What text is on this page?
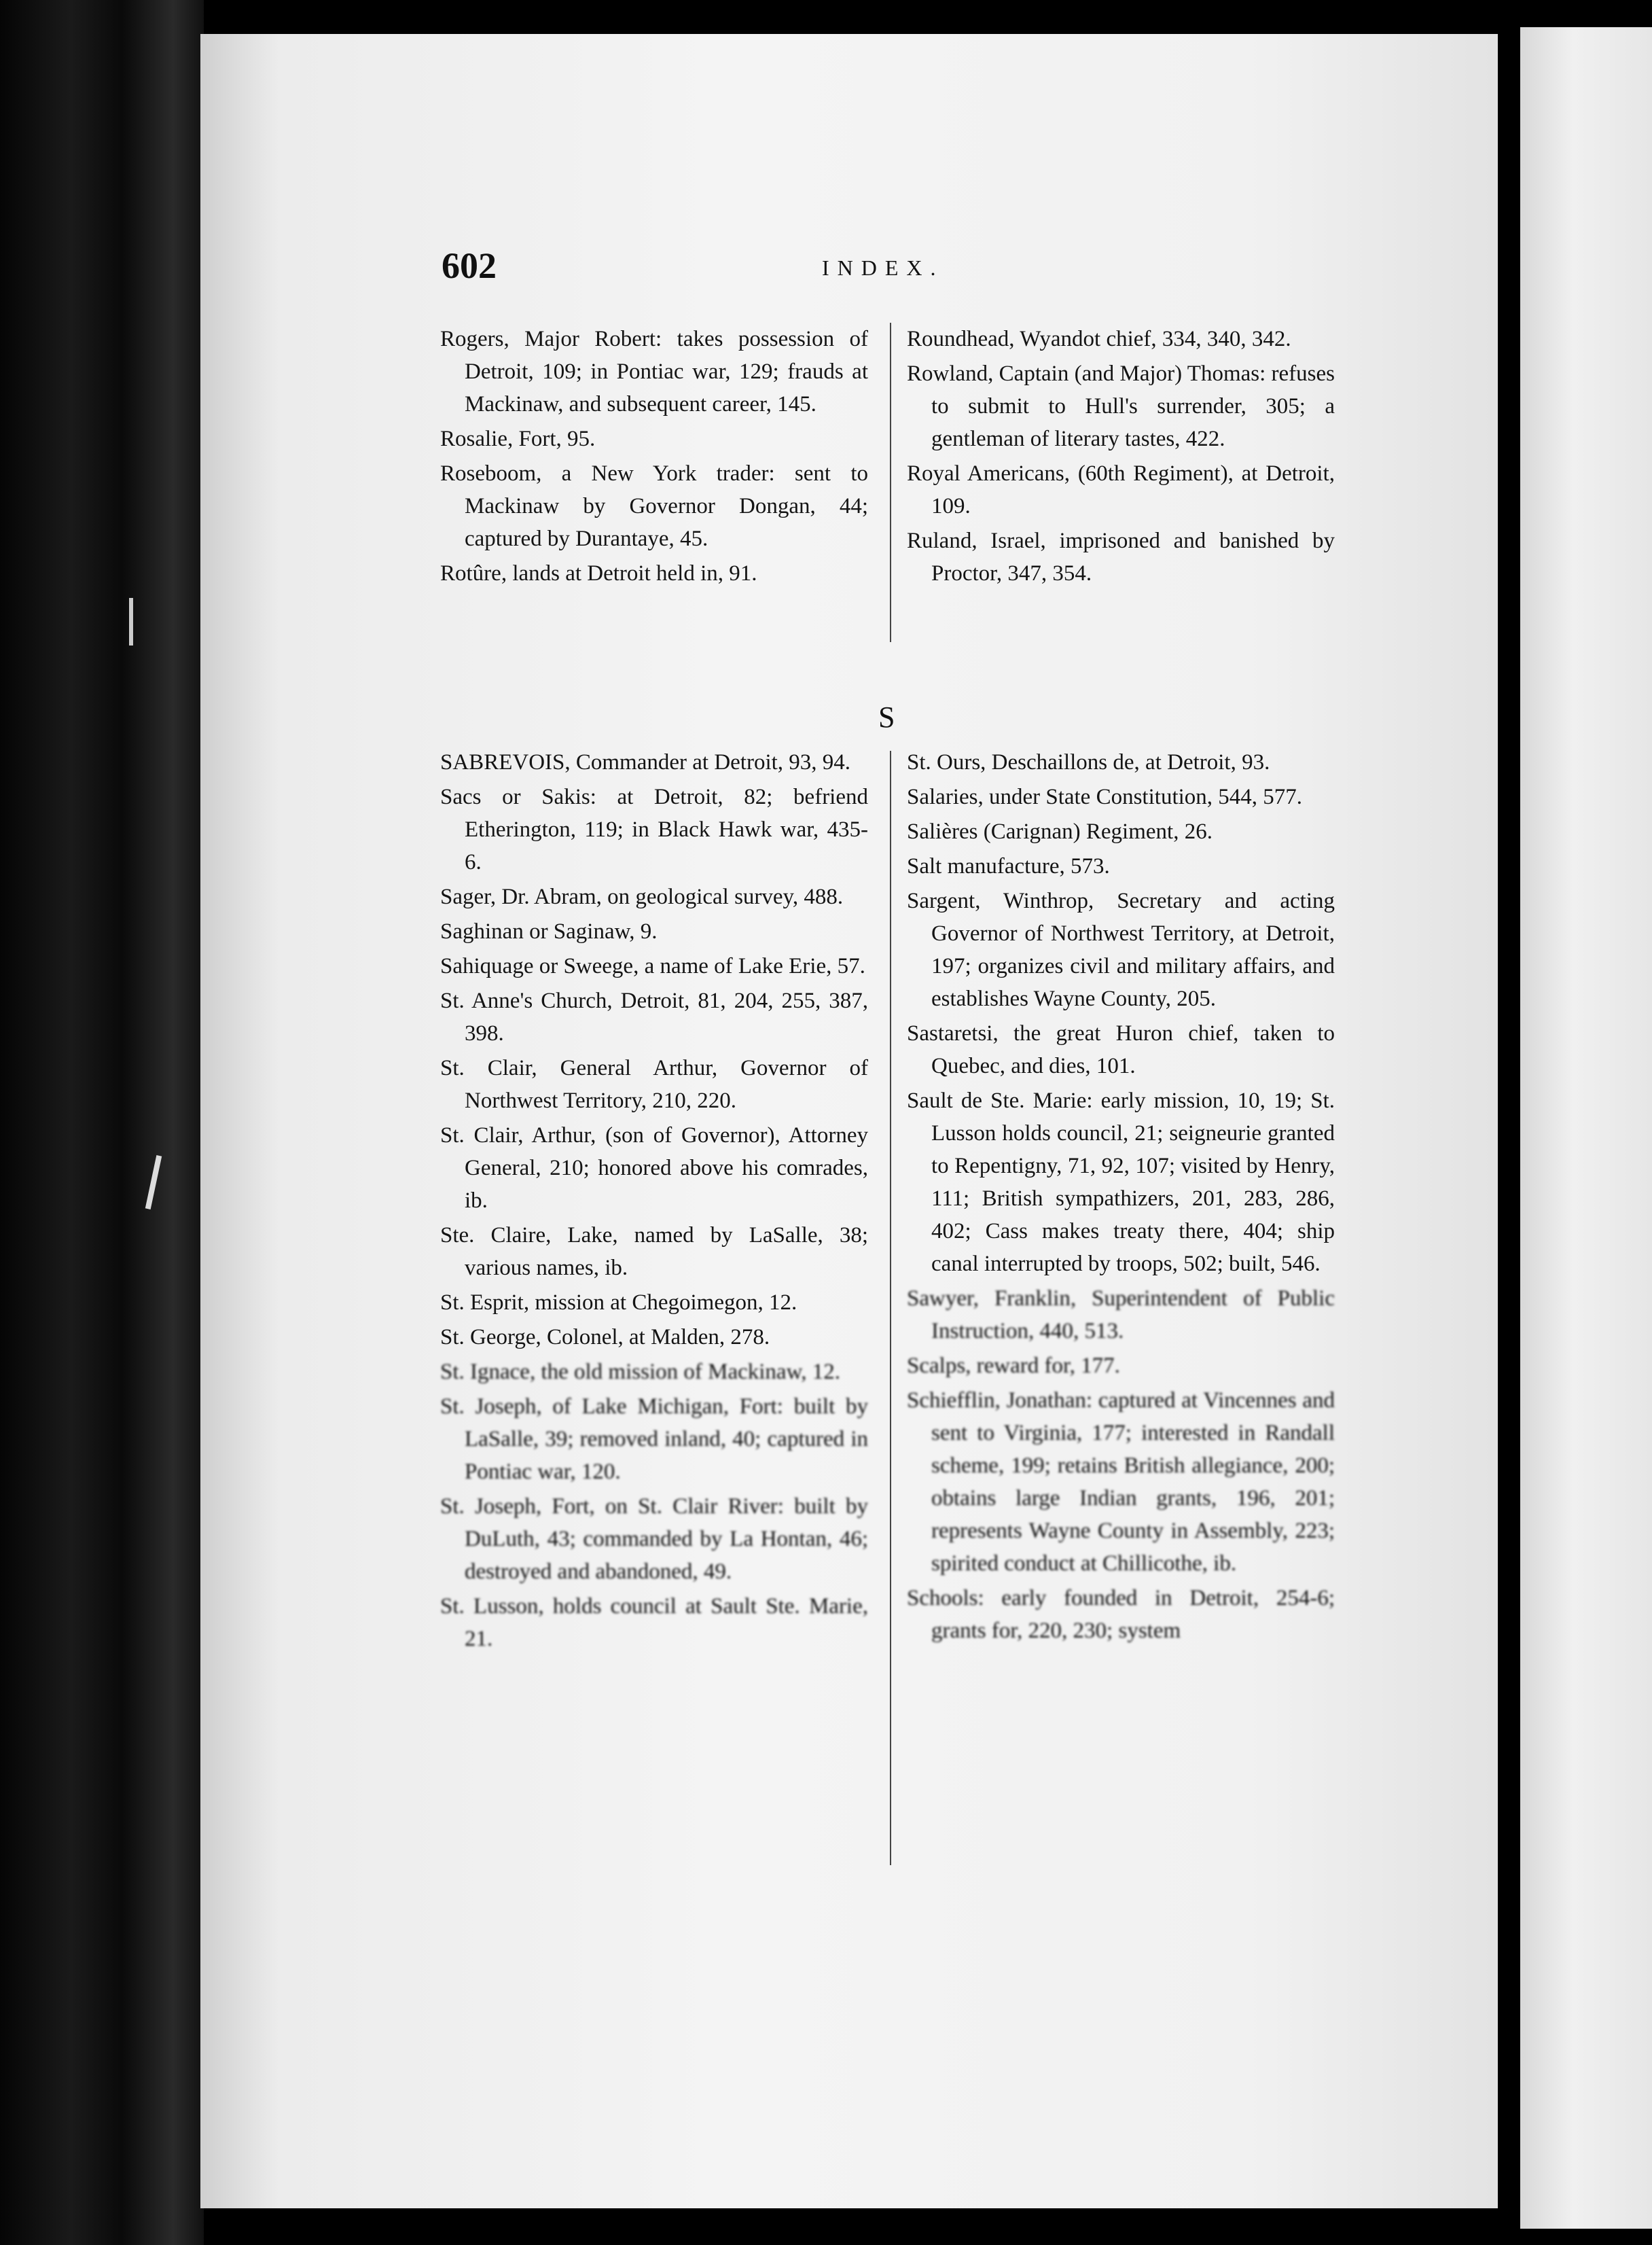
602	INDEX.
Rogers, Major Robert: takes possession of Detroit, 109; in Pontiac war, 129; frauds at Mackinaw, and subsequent career, 145.
Rosalie, Fort, 95.
Roseboom, a New York trader: sent to Mackinaw by Governor Dongan, 44; captured by Durantaye, 45.
Rotûre, lands at Detroit held in, 91.
Roundhead, Wyandot chief, 334, 340, 342.
Rowland, Captain (and Major) Thomas: refuses to submit to Hull's surrender, 305; a gentleman of literary tastes, 422.
Royal Americans, (60th Regiment), at Detroit, 109.
Ruland, Israel, imprisoned and banished by Proctor, 347, 354.
S
SABREVOIS, Commander at Detroit, 93, 94.
Sacs or Sakis: at Detroit, 82; befriend Etherington, 119; in Black Hawk war, 435-6.
Sager, Dr. Abram, on geological survey, 488.
Saghinan or Saginaw, 9.
Sahiquage or Sweege, a name of Lake Erie, 57.
St. Anne's Church, Detroit, 81, 204, 255, 387, 398.
St. Clair, General Arthur, Governor of Northwest Territory, 210, 220.
St. Clair, Arthur, (son of Governor), Attorney General, 210; honored above his comrades, ib.
Ste. Claire, Lake, named by LaSalle, 38; various names, ib.
St. Esprit, mission at Chegoimegon, 12.
St. George, Colonel, at Malden, 278.
St. Ignace, the old mission of Mackinaw, 12.
St. Joseph, of Lake Michigan, Fort: built by LaSalle, 39; removed inland, 40; captured in Pontiac war, 120.
St. Joseph, Fort, on St. Clair River: built by DuLuth, 43; commanded by La Hontan, 46; destroyed and abandoned, 49.
St. Lusson, holds council at Sault Ste. Marie, 21.
St. Ours, Deschaillons de, at Detroit, 93.
Salaries, under State Constitution, 544, 577.
Salières (Carignan) Regiment, 26.
Salt manufacture, 573.
Sargent, Winthrop, Secretary and acting Governor of Northwest Territory, at Detroit, 197; organizes civil and military affairs, and establishes Wayne County, 205.
Sastaretsi, the great Huron chief, taken to Quebec, and dies, 101.
Sault de Ste. Marie: early mission, 10, 19; St. Lusson holds council, 21; seigneurie granted to Repentigny, 71, 92, 107; visited by Henry, 111; British sympathizers, 201, 283, 286, 402; Cass makes treaty there, 404; ship canal interrupted by troops, 502; built, 546.
Sawyer, Franklin, Superintendent of Public Instruction, 440, 513.
Scalps, reward for, 177.
Schiefflin, Jonathan: captured at Vincennes and sent to Virginia, 177; interested in Randall scheme, 199; retains British allegiance, 200; obtains large Indian grants, 196, 201; represents Wayne County in Assembly, 223; spirited conduct at Chillicothe, ib.
Schools: early founded in Detroit, 254-6; grants for, 220, 230; system
